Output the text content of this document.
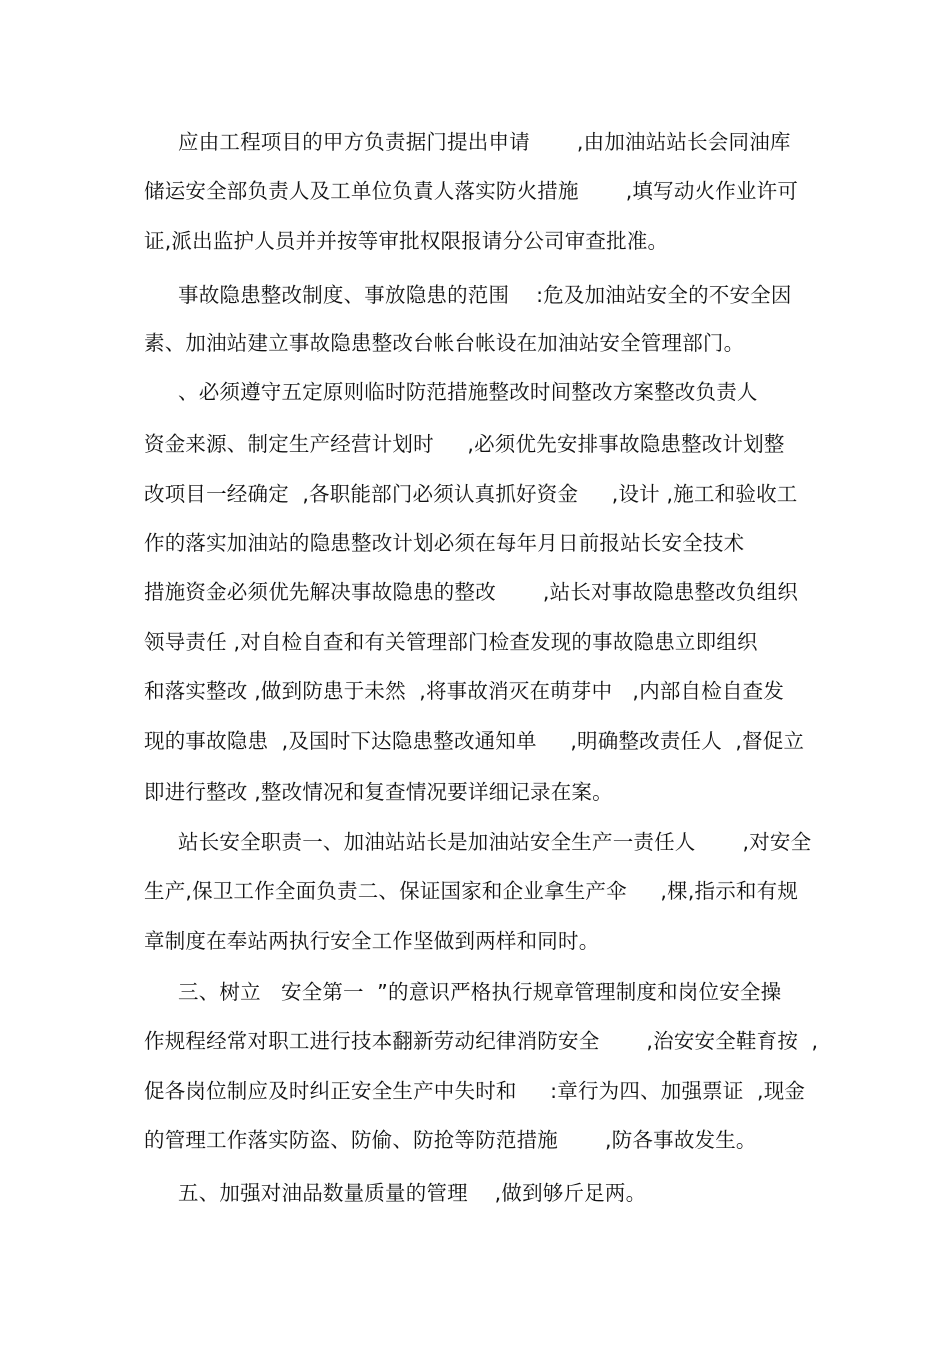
应由工程项目的甲方负责据门提出申请       ,由加油站站长会同油库
储运安全部负责人及工单位负責人落实防火措施       ,填写动火作业许可
证,派出监护人员并并按等审批权限报请分公司审查批准。
事故隐患整改制度、事放隐患的范围    :危及加油站安全的不安全因
素、加油站建立事故隐患整改台帐台帐设在加油站安全管理部门。
、必须遵守五定原则临时防范措施整改时间整改方案整改负责人
资金来源、制定生产经营计划时     ,必须优先安排事故隐患整改计划整
改项目一经确定  ,各职能部门必须认真抓好资金     ,设计 ,施工和验收工
作的落实加油站的隐患整改计划必须在每年月日前报站长安全技术
措施资金必须优先解决事故隐患的整改       ,站长对事故隐患整改负组织
领导责任 ,对自检自查和有关管理部门检查发现的事故隐患立即组织
和落实整改 ,做到防患于未然  ,将事故消灭在萌芽中   ,内部自检自查发
现的事故隐患  ,及国时下达隐患整改通知单     ,明确整改责任人  ,督促立
即进行整改 ,整改情况和复查情况要详细记录在案。
站长安全职责一、加油站站长是加油站安全生产一责任人       ,对安全
生产,保卫工作全面负责二、保证国家和企业拿生产伞     ,棵,指示和有规
章制度在奉站两执行安全工作坚做到两样和同时。
三、树立   安全第一  ”的意识严格执行规章管理制度和岗位安全操
作规程经常对职工进行技本翻新劳动纪律消防安全       ,治安安全鞋育按  ,
促各岗位制应及时纠正安全生产中失时和     :章行为四、加强票证  ,现金
的管理工作落实防盗、防偷、防抢等防范措施       ,防各事故发生。
五、加强对油品数量质量的管理    ,做到够斤足两。
